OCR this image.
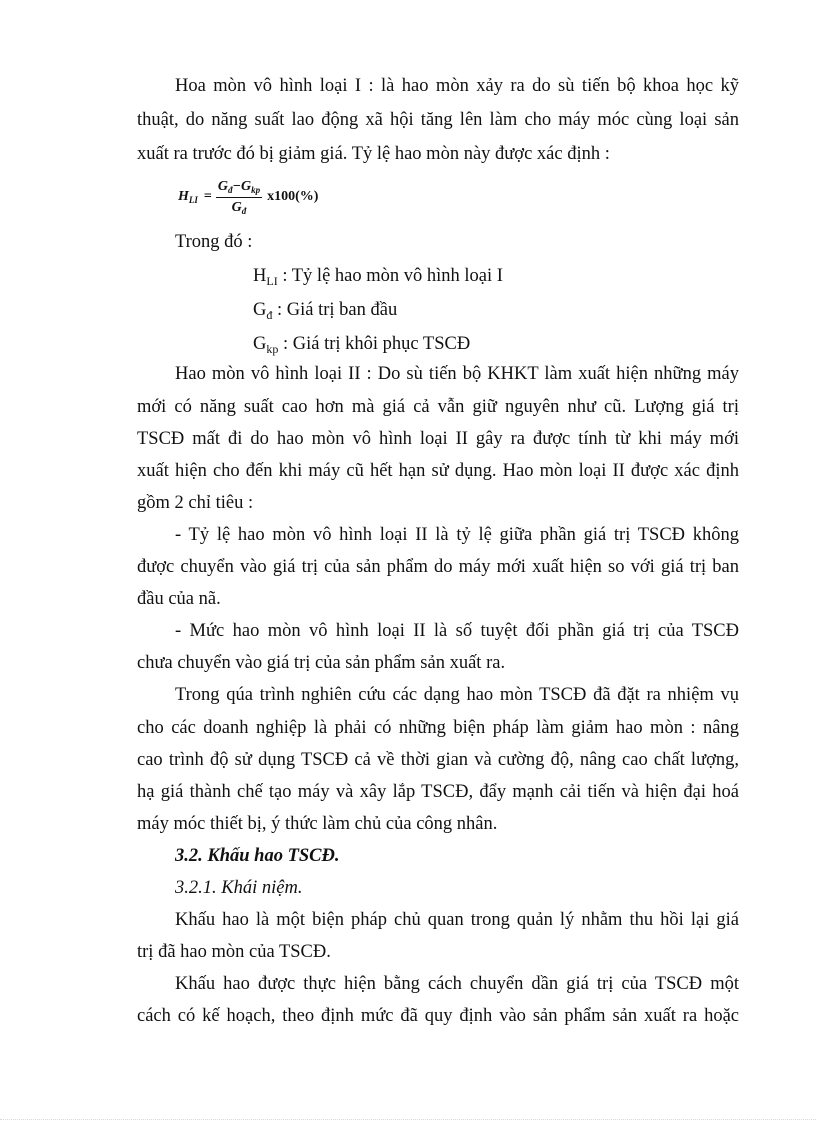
Hoa mòn vô hình loại I : là hao mòn xảy ra do sù tiến bộ khoa học kỹ
thuật, do năng suất lao động xã hội tăng lên làm cho máy móc cùng loại sản
xuất ra trước đó bị giảm giá. Tỷ lệ hao mòn này được xác định :
$H_{LI} = \frac{G_đ-G_{kp}}{G_đ} x100(\%)$
Trong đó :
$H_{LI}$ : Tỷ lệ hao mòn vô hình loại I
$G_đ$ : Giá trị ban đầu
$G_{kp}$ : Giá trị khôi phục TSCĐ
Hao mòn vô hình loại II : Do sù tiến bộ KHKT làm xuất hiện những máy
mới có năng suất cao hơn mà giá cả vẫn giữ nguyên như cũ. Lượng giá trị
TSCĐ mất đi do hao mòn vô hình loại II gây ra được tính từ khi máy mới
xuất hiện cho đến khi máy cũ hết hạn sử dụng. Hao mòn loại II được xác định
gồm 2 chỉ tiêu :
- Tỷ lệ hao mòn vô hình loại II là tỷ lệ giữa phần giá trị TSCĐ không
được chuyển vào giá trị của sản phẩm do máy mới xuất hiện so với giá trị ban
đầu của nã.
- Mức hao mòn vô hình loại II là số tuyệt đối phần giá trị của TSCĐ
chưa chuyển vào giá trị của sản phẩm sản xuất ra.
Trong qúa trình nghiên cứu các dạng hao mòn TSCĐ đã đặt ra nhiệm vụ
cho các doanh nghiệp là phải có những biện pháp làm giảm hao mòn : nâng
cao trình độ sử dụng TSCĐ cả về thời gian và cường độ, nâng cao chất lượng,
hạ giá thành chế tạo máy và xây lắp TSCĐ, đẩy mạnh cải tiến và hiện đại hoá
máy móc thiết bị, ý thức làm chủ của công nhân.
3.2. Khấu hao TSCĐ.
3.2.1. Khái niệm.
Khấu hao là một biện pháp chủ quan trong quản lý nhằm thu hồi lại giá
trị đã hao mòn của TSCĐ.
Khấu hao được thực hiện bằng cách chuyển dần giá trị của TSCĐ một
cách có kế hoạch, theo định mức đã quy định vào sản phẩm sản xuất ra hoặc
